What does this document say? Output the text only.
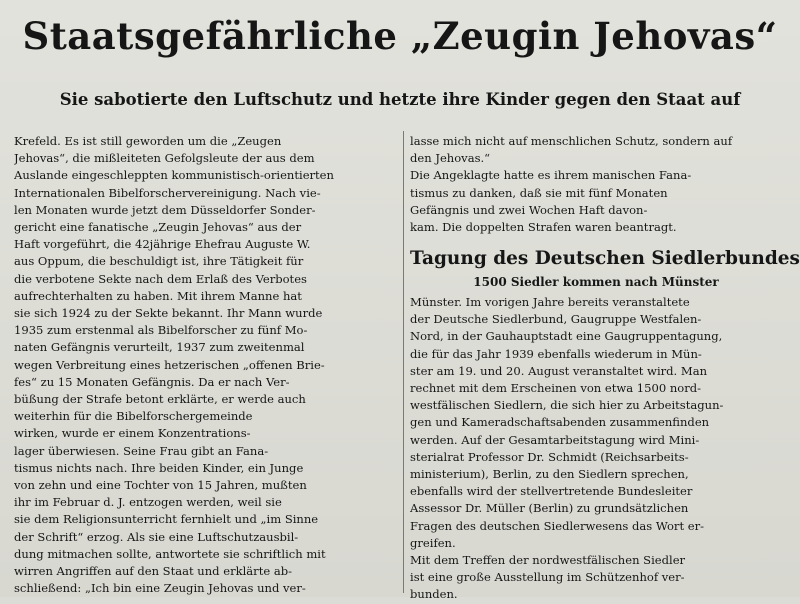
Staatsgefährliche „Zeugin Jehovas“
Sie sabotierte den Luftschutz und hetzte ihre Kinder gegen den Staat auf
Krefeld. Es ist still geworden um die „Zeugen
Jehovas“, die mißleiteten Gefolgsleute der aus dem
Auslande eingeschleppten kommunistisch-orientierten
Internationalen Bibelforschervereinigung. Nach vie-
len Monaten wurde jetzt dem Düsseldorfer Sonder-
gericht eine fanatische „Zeugin Jehovas“ aus der
Haft vorgeführt, die 42jährige Ehefrau Auguste W.
aus Oppum, die beschuldigt ist, ihre Tätigkeit für
die verbotene Sekte nach dem Erlaß des Verbotes
aufrechterhalten zu haben. Mit ihrem Manne hat
sie sich 1924 zu der Sekte bekannt. Ihr Mann wurde
1935 zum erstenmal als Bibelforscher zu fünf Mo-
naten Gefängnis verurteilt, 1937 zum zweitenmal
wegen Verbreitung eines hetzerischen „offenen Brie-
fes“ zu 15 Monaten Gefängnis. Da er nach Ver-
büßung der Strafe betont erklärte, er werde auch
weiterhin für die Bibelforschergemeinde
wirken, wurde er einem Konzentrations-
lager überwiesen. Seine Frau gibt an Fana-
tismus nichts nach. Ihre beiden Kinder, ein Junge
von zehn und eine Tochter von 15 Jahren, mußten
ihr im Februar d. J. entzogen werden, weil sie
sie dem Religionsunterricht fernhielt und „im Sinne
der Schrift“ erzog. Als sie eine Luftschutzausbil-
dung mitmachen sollte, antwortete sie schriftlich mit
wirren Angriffen auf den Staat und erklärte ab-
schließend: „Ich bin eine Zeugin Jehovas und ver-
lasse mich nicht auf menschlichen Schutz, sondern auf
den Jehovas.“
Die Angeklagte hatte es ihrem manischen Fana-
tismus zu danken, daß sie mit fünf Monaten
Gefängnis und zwei Wochen Haft davon-
kam. Die doppelten Strafen waren beantragt.
Tagung des Deutschen Siedlerbundes
1500 Siedler kommen nach Münster
Münster. Im vorigen Jahre bereits veranstaltete
der Deutsche Siedlerbund, Gaugruppe Westfalen-
Nord, in der Gauhauptstadt eine Gaugruppentagung,
die für das Jahr 1939 ebenfalls wiederum in Mün-
ster am 19. und 20. August veranstaltet wird. Man
rechnet mit dem Erscheinen von etwa 1500 nord-
westfälischen Siedlern, die sich hier zu Arbeitstagun-
gen und Kameradschaftsabenden zusammenfinden
werden. Auf der Gesamtarbeitstagung wird Mini-
sterialrat Professor Dr. Schmidt (Reichsarbeits-
ministerium), Berlin, zu den Siedlern sprechen,
ebenfalls wird der stellvertretende Bundesleiter
Assessor Dr. Müller (Berlin) zu grundsätzlichen
Fragen des deutschen Siedlerwesens das Wort er-
greifen.
Mit dem Treffen der nordwestfälischen Siedler
ist eine große Ausstellung im Schützenhof ver-
bunden.
